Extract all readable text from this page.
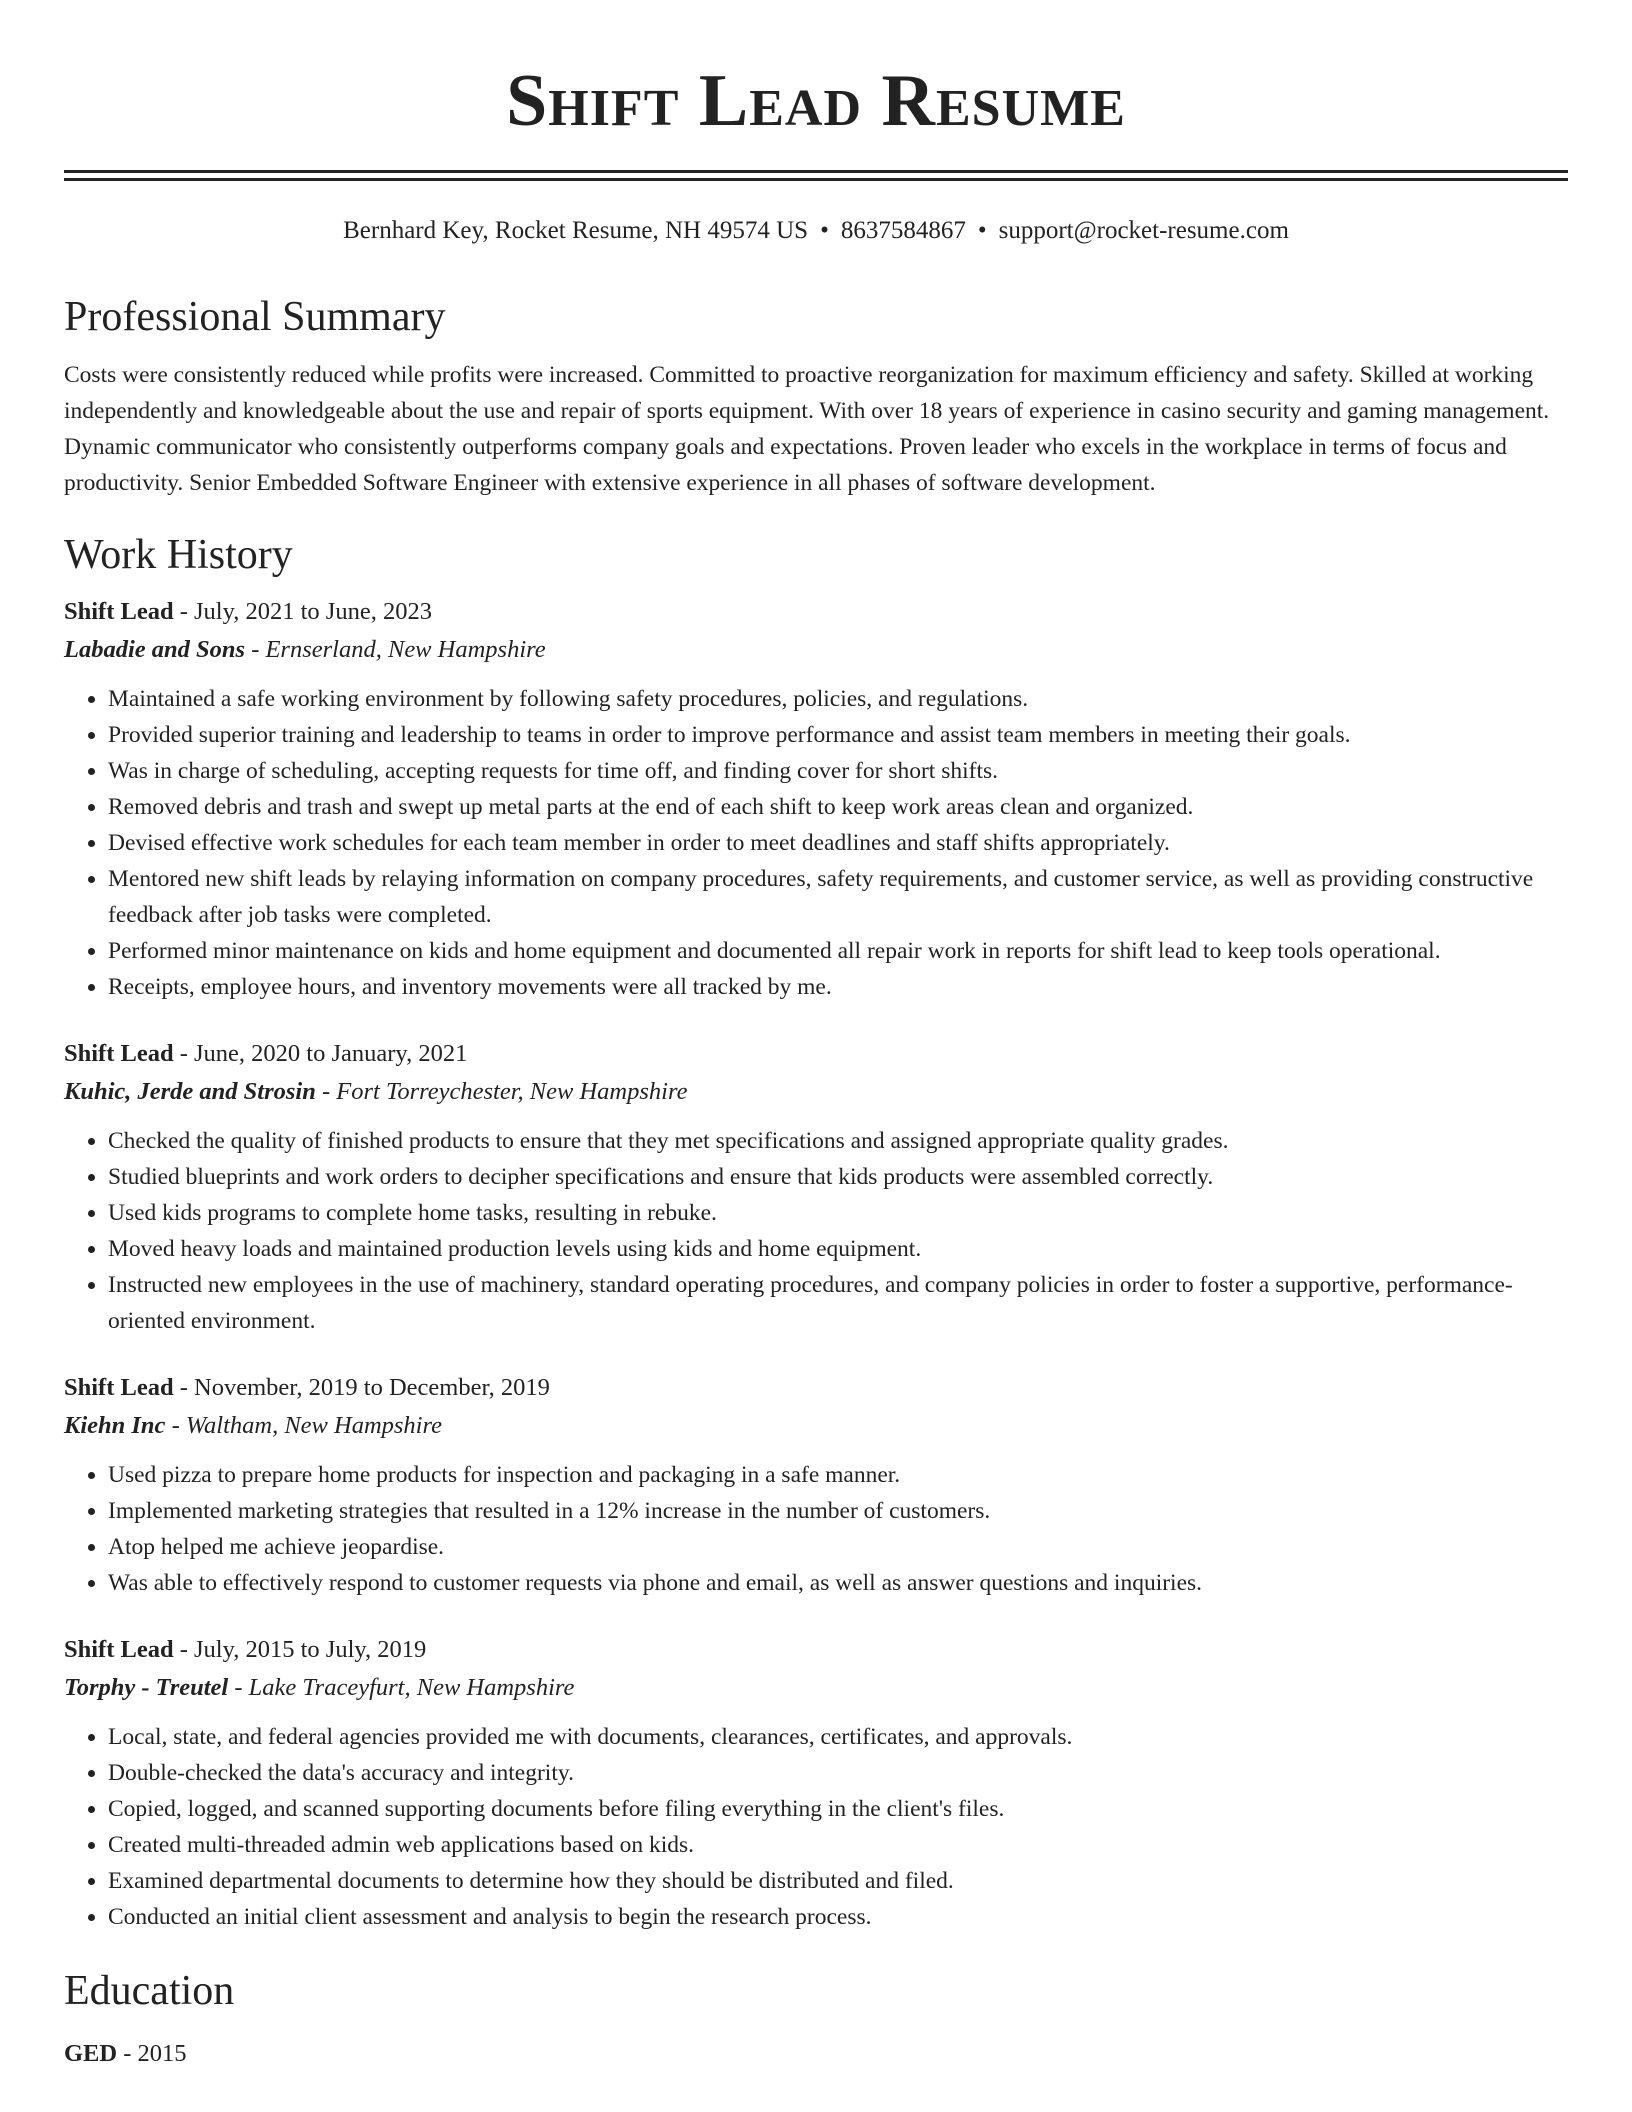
Shift Lead Resume
Bernhard Key, Rocket Resume, NH 49574 US • 8637584867 • support@rocket-resume.com
Professional Summary

Costs were consistently reduced while profits were increased. Committed to proactive reorganization for maximum efficiency and safety. Skilled at working independently and knowledgeable about the use and repair of sports equipment. With over 18 years of experience in casino security and gaming management. Dynamic communicator who consistently outperforms company goals and expectations. Proven leader who excels in the workplace in terms of focus and productivity. Senior Embedded Software Engineer with extensive experience in all phases of software development.

Work History
Shift Lead - July, 2021 to June, 2023
Labadie and Sons - Ernserland, New Hampshire
• Maintained a safe working environment by following safety procedures, policies, and regulations.
• Provided superior training and leadership to teams in order to improve performance and assist team members in meeting their goals.
• Was in charge of scheduling, accepting requests for time off, and finding cover for short shifts.
• Removed debris and trash and swept up metal parts at the end of each shift to keep work areas clean and organized.
• Devised effective work schedules for each team member in order to meet deadlines and staff shifts appropriately.
• Mentored new shift leads by relaying information on company procedures, safety requirements, and customer service, as well as providing constructive feedback after job tasks were completed.
• Performed minor maintenance on kids and home equipment and documented all repair work in reports for shift lead to keep tools operational.
• Receipts, employee hours, and inventory movements were all tracked by me.
Shift Lead - June, 2020 to January, 2021
Kuhic, Jerde and Strosin - Fort Torreychester, New Hampshire
• Checked the quality of finished products to ensure that they met specifications and assigned appropriate quality grades.
• Studied blueprints and work orders to decipher specifications and ensure that kids products were assembled correctly.
• Used kids programs to complete home tasks, resulting in rebuke.
• Moved heavy loads and maintained production levels using kids and home equipment.
• Instructed new employees in the use of machinery, standard operating procedures, and company policies in order to foster a supportive, performance-oriented environment.
Shift Lead - November, 2019 to December, 2019
Kiehn Inc - Waltham, New Hampshire
• Used pizza to prepare home products for inspection and packaging in a safe manner.
• Implemented marketing strategies that resulted in a 12% increase in the number of customers.
• Atop helped me achieve jeopardise.
• Was able to effectively respond to customer requests via phone and email, as well as answer questions and inquiries.
Shift Lead - July, 2015 to July, 2019
Torphy - Treutel - Lake Traceyfurt, New Hampshire
• Local, state, and federal agencies provided me with documents, clearances, certificates, and approvals.
• Double-checked the data's accuracy and integrity.
• Copied, logged, and scanned supporting documents before filing everything in the client's files.
• Created multi-threaded admin web applications based on kids.
• Examined departmental documents to determine how they should be distributed and filed.
• Conducted an initial client assessment and analysis to begin the research process.
Education
GED - 2015
